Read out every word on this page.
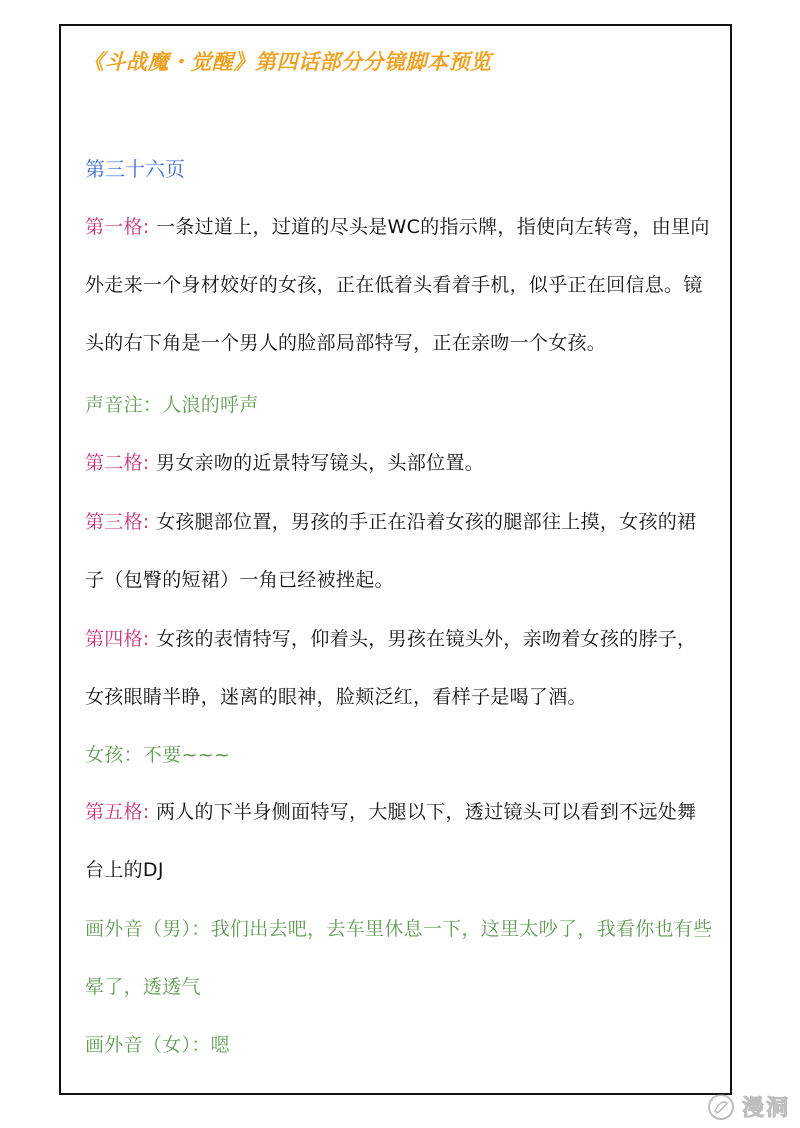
《斗战魔・觉醒》第四话部分分镜脚本预览
第三十六页
第一格: 一条过道上，过道的尽头是WC的指示牌，指使向左转弯，由里向外走来一个身材姣好的女孩，正在低着头看着手机，似乎正在回信息。镜头的右下角是一个男人的脸部局部特写，正在亲吻一个女孩。
声音注：人浪的呼声
第二格: 男女亲吻的近景特写镜头，头部位置。
第三格: 女孩腿部位置，男孩的手正在沿着女孩的腿部往上摸，女孩的裙子（包臀的短裙）一角已经被挫起。
第四格: 女孩的表情特写，仰着头，男孩在镜头外，亲吻着女孩的脖子，女孩眼睛半睁，迷离的眼神，脸颊泛红，看样子是喝了酒。
女孩：不要~~~
第五格: 两人的下半身侧面特写，大腿以下，透过镜头可以看到不远处舞台上的DJ
画外音（男）：我们出去吧，去车里休息一下，这里太吵了，我看你也有些晕了，透透气
画外音（女）：嗯
漫洞
